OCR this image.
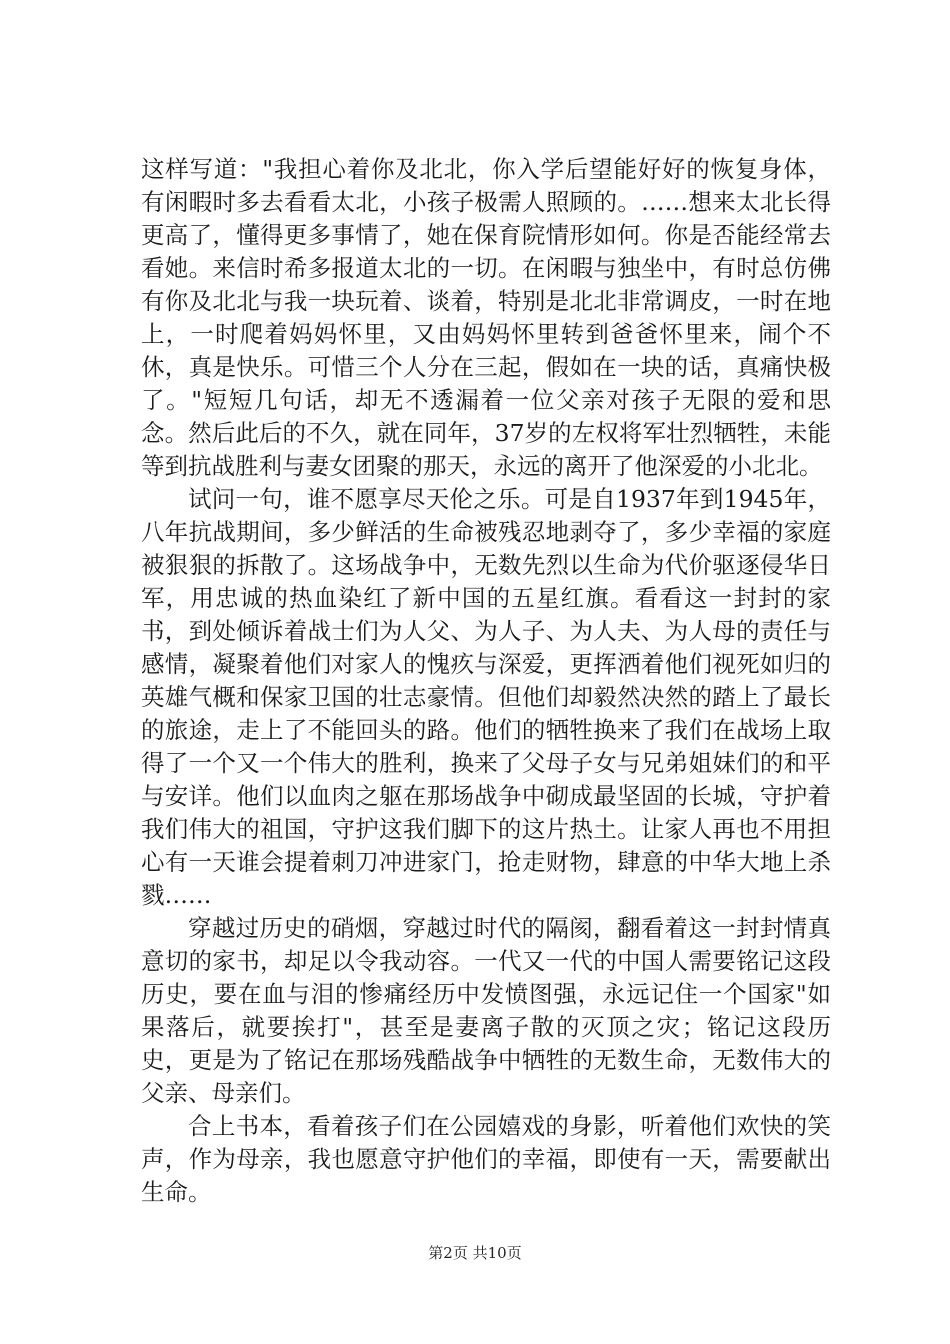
这样写道："我担心着你及北北，你入学后望能好好的恢复身体，有闲暇时多去看看太北，小孩子极需人照顾的。……想来太北长得更高了，懂得更多事情了，她在保育院情形如何。你是否能经常去看她。来信时希多报道太北的一切。在闲暇与独坐中，有时总仿佛有你及北北与我一块玩着、谈着，特别是北北非常调皮，一时在地上，一时爬着妈妈怀里，又由妈妈怀里转到爸爸怀里来，闹个不休，真是快乐。可惜三个人分在三起，假如在一块的话，真痛快极了。"短短几句话，却无不透漏着一位父亲对孩子无限的爱和思念。然后此后的不久，就在同年，37岁的左权将军壮烈牺牲，未能等到抗战胜利与妻女团聚的那天，永远的离开了他深爱的小北北。

试问一句，谁不愿享尽天伦之乐。可是自1937年到1945年，八年抗战期间，多少鲜活的生命被残忍地剥夺了，多少幸福的家庭被狠狠的拆散了。这场战争中，无数先烈以生命为代价驱逐侵华日军，用忠诚的热血染红了新中国的五星红旗。看看这一封封的家书，到处倾诉着战士们为人父、为人子、为人夫、为人母的责任与感情，凝聚着他们对家人的愧疚与深爱，更挥洒着他们视死如归的英雄气概和保家卫国的壮志豪情。但他们却毅然决然的踏上了最长的旅途，走上了不能回头的路。他们的牺牲换来了我们在战场上取得了一个又一个伟大的胜利，换来了父母子女与兄弟姐妹们的和平与安详。他们以血肉之躯在那场战争中砌成最坚固的长城，守护着我们伟大的祖国，守护这我们脚下的这片热土。让家人再也不用担心有一天谁会提着刺刀冲进家门，抢走财物，肆意的中华大地上杀戮……

穿越过历史的硝烟，穿越过时代的隔阂，翻看着这一封封情真意切的家书，却足以令我动容。一代又一代的中国人需要铭记这段历史，要在血与泪的惨痛经历中发愤图强，永远记住一个国家"如果落后，就要挨打"，甚至是妻离子散的灭顶之灾；铭记这段历史，更是为了铭记在那场残酷战争中牺牲的无数生命，无数伟大的父亲、母亲们。

合上书本，看着孩子们在公园嬉戏的身影，听着他们欢快的笑声，作为母亲，我也愿意守护他们的幸福，即使有一天，需要献出生命。

第2页 共10页
